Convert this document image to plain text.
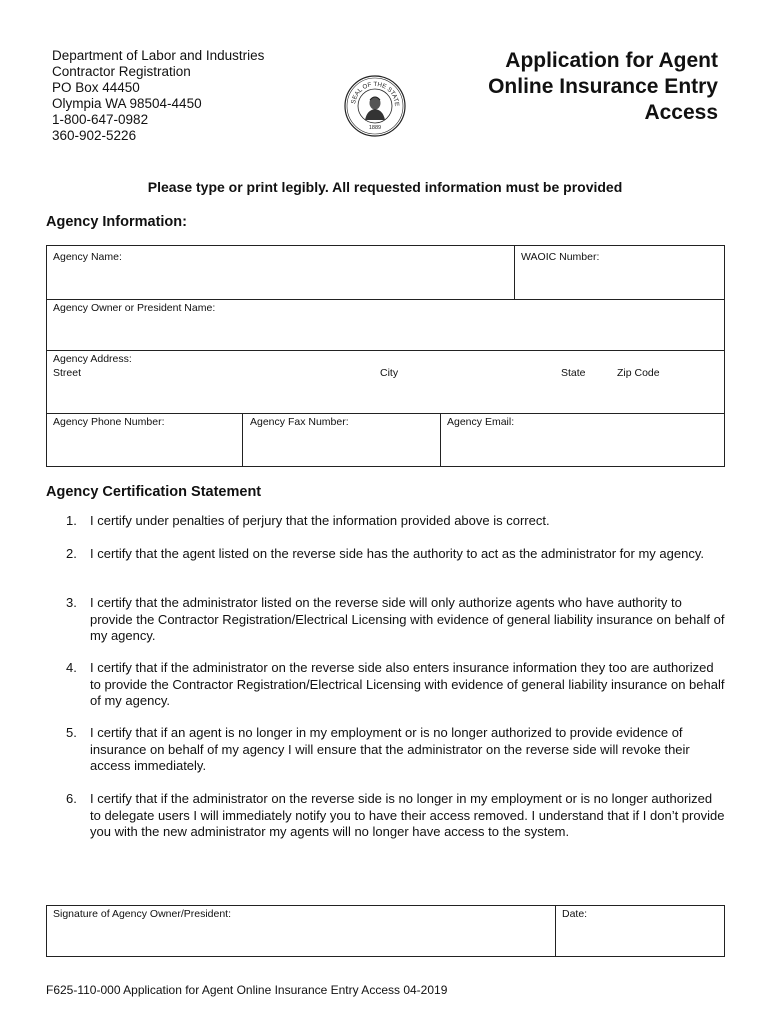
Department of Labor and Industries
Contractor Registration
PO Box 44450
Olympia WA 98504-4450
1-800-647-0982
360-902-5226
SEAL OF THE STATE
1889
Application for Agent
Online Insurance Entry
Access
Please type or print legibly. All requested information must be provided
Agency Information:
Agency Name:	WAOIC Number:
Agency Owner or President Name:
Agency Address:
Street	City	State	Zip Code
Agency Phone Number:	Agency Fax Number:	Agency Email:
Agency Certification Statement
1.	I certify under penalties of perjury that the information provided above is correct.
2.	I certify that the agent listed on the reverse side has the authority to act as the administrator for my agency.
3.	I certify that the administrator listed on the reverse side will only authorize agents who have authority to provide the Contractor Registration/Electrical Licensing with evidence of general liability insurance on behalf of my agency.
4.	I certify that if the administrator on the reverse side also enters insurance information they too are authorized to provide the Contractor Registration/Electrical Licensing with evidence of general liability insurance on behalf of my agency.
5.	I certify that if an agent is no longer in my employment or is no longer authorized to provide evidence of insurance on behalf of my agency I will ensure that the administrator on the reverse side will revoke their access immediately.
6.	I certify that if the administrator on the reverse side is no longer in my employment or is no longer authorized to delegate users I will immediately notify you to have their access removed. I understand that if I don’t provide you with the new administrator my agents will no longer have access to the system.
Signature of Agency Owner/President:	Date:
F625-110-000 Application for Agent Online Insurance Entry Access 04-2019
